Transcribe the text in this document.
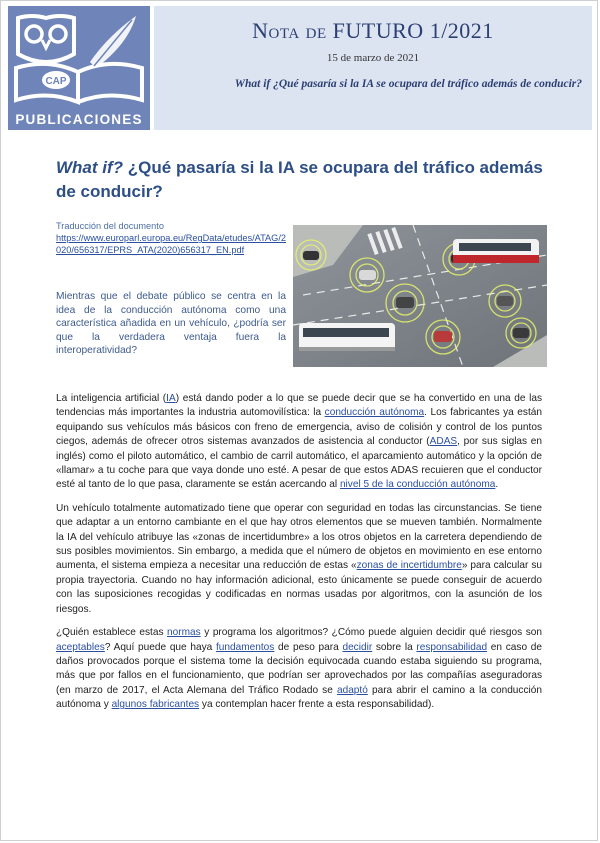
CAP
PUBLICACIONES
Nota de FUTURO 1/2021
15 de marzo de 2021
What if ¿Qué pasaría si la IA se ocupara del tráfico además de conducir?
What if? ¿Qué pasaría si la IA se ocupara del tráfico además de conducir?
Traducción del documento
https://www.europarl.europa.eu/RegData/etudes/ATAG/2020/656317/EPRS_ATA(2020)656317_EN.pdf
Mientras que el debate público se centra en la idea de la conducción autónoma como una característica añadida en un vehículo, ¿podría ser que la verdadera ventaja fuera la interoperatividad?

La inteligencia artificial (IA) está dando poder a lo que se puede decir que se ha convertido en una de las tendencias más importantes la industria automovilística: la conducción autónoma. Los fabricantes ya están equipando sus vehículos más básicos con freno de emergencia, aviso de colisión y control de los puntos ciegos, además de ofrecer otros sistemas avanzados de asistencia al conductor (ADAS, por sus siglas en inglés) como el piloto automático, el cambio de carril automático, el aparcamiento automático y la opción de «llamar» a tu coche para que vaya donde uno esté. A pesar de que estos ADAS recuieren que el conductor esté al tanto de lo que pasa, claramente se están acercando al nivel 5 de la conducción autónoma.

Un vehículo totalmente automatizado tiene que operar con seguridad en todas las circunstancias. Se tiene que adaptar a un entorno cambiante en el que hay otros elementos que se mueven también. Normalmente la IA del vehículo atribuye las «zonas de incertidumbre» a los otros objetos en la carretera dependiendo de sus posibles movimientos. Sin embargo, a medida que el número de objetos en movimiento en ese entorno aumenta, el sistema empieza a necesitar una reducción de estas «zonas de incertidumbre» para calcular su propia trayectoria. Cuando no hay información adicional, esto únicamente se puede conseguir de acuerdo con las suposiciones recogidas y codificadas en normas usadas por algoritmos, con la asunción de los riesgos.

¿Quién establece estas normas y programa los algoritmos? ¿Cómo puede alguien decidir qué riesgos son aceptables? Aquí puede que haya fundamentos de peso para decidir sobre la responsabilidad en caso de daños provocados porque el sistema tome la decisión equivocada cuando estaba siguiendo su programa, más que por fallos en el funcionamiento, que podrían ser aprovechados por las compañías aseguradoras (en marzo de 2017, el Acta Alemana del Tráfico Rodado se adaptó para abrir el camino a la conducción autónoma y algunos fabricantes ya contemplan hacer frente a esta responsabilidad).
